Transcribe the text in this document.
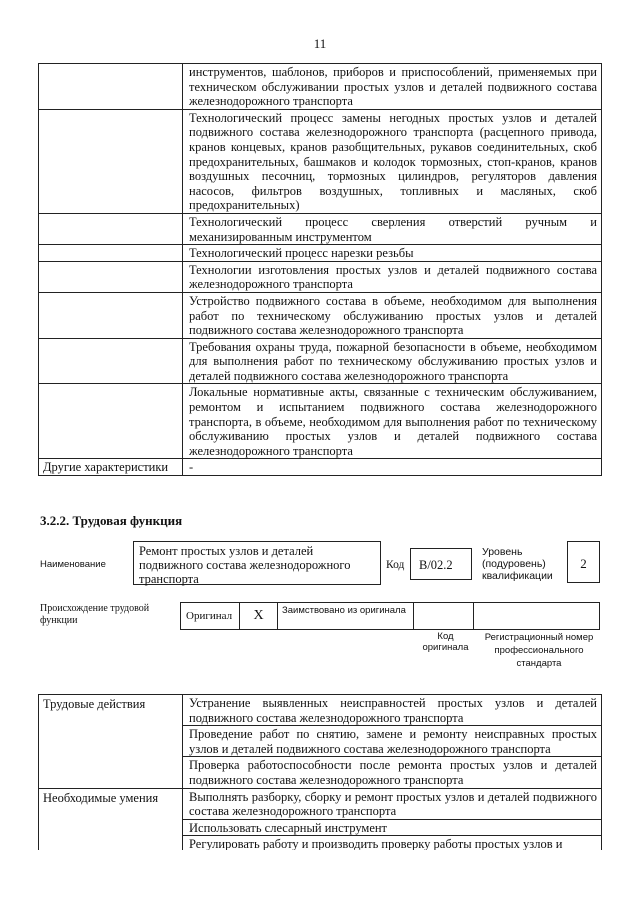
11
инструментов, шаблонов, приборов и приспособлений, применяемых при техническом обслуживании простых узлов и деталей подвижного состава железнодорожного транспорта
Технологический процесс замены негодных простых узлов и деталей подвижного состава железнодорожного транспорта (расцепного привода, кранов концевых, кранов разобщительных, рукавов соединительных, скоб предохранительных, башмаков и колодок тормозных, стоп-кранов, кранов воздушных песочниц, тормозных цилиндров, регуляторов давления насосов, фильтров воздушных, топливных и масляных, скоб предохранительных)
Технологический процесс сверления отверстий ручным и механизированным инструментом
Технологический процесс нарезки резьбы
Технологии изготовления простых узлов и деталей подвижного состава железнодорожного транспорта
Устройство подвижного состава в объеме, необходимом для выполнения работ по техническому обслуживанию простых узлов и деталей подвижного состава железнодорожного транспорта
Требования охраны труда, пожарной безопасности в объеме, необходимом для выполнения работ по техническому обслуживанию простых узлов и деталей подвижного состава железнодорожного транспорта
Локальные нормативные акты, связанные с техническим обслуживанием, ремонтом и испытанием подвижного состава железнодорожного транспорта, в объеме, необходимом для выполнения работ по техническому обслуживанию простых узлов и деталей подвижного состава железнодорожного транспорта
Другие характеристики	-
3.2.2. Трудовая функция
Наименование
Ремонт простых узлов и деталей подвижного состава железнодорожного транспорта
Код	В/02.2
Уровень (подуровень) квалификации
2
Происхождение трудовой функции	Оригинал	Х	Заимствовано из оригинала
Код оригинала
Регистрационный номер профессионального стандарта
Трудовые действия	Устранение выявленных неисправностей простых узлов и деталей подвижного состава железнодорожного транспорта
Проведение работ по снятию, замене и ремонту неисправных простых узлов и деталей подвижного состава железнодорожного транспорта
Проверка работоспособности после ремонта простых узлов и деталей подвижного состава железнодорожного транспорта
Необходимые умения	Выполнять разборку, сборку и ремонт простых узлов и деталей подвижного состава железнодорожного транспорта
Использовать слесарный инструмент
Регулировать работу и производить проверку работы простых узлов и
